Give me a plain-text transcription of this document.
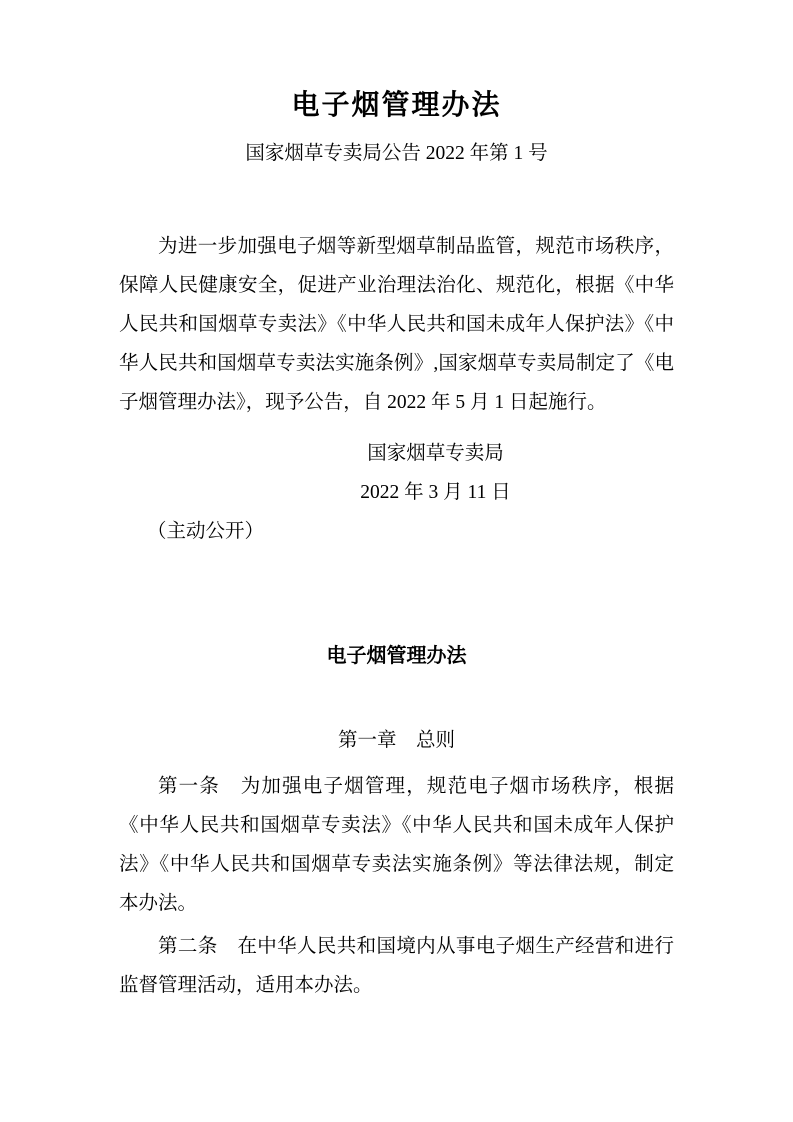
电子烟管理办法
国家烟草专卖局公告 2022 年第 1 号

为进一步加强电子烟等新型烟草制品监管，规范市场秩序，保障人民健康安全，促进产业治理法治化、规范化，根据《中华人民共和国烟草专卖法》《中华人民共和国未成年人保护法》《中华人民共和国烟草专卖法实施条例》,国家烟草专卖局制定了《电子烟管理办法》，现予公告，自 2022 年 5 月 1 日起施行。

国家烟草专卖局
2022 年 3 月 11 日
（主动公开）
电子烟管理办法
第一章　总则

第一条　为加强电子烟管理，规范电子烟市场秩序，根据《中华人民共和国烟草专卖法》《中华人民共和国未成年人保护法》《中华人民共和国烟草专卖法实施条例》等法律法规，制定本办法。

第二条　在中华人民共和国境内从事电子烟生产经营和进行监督管理活动，适用本办法。
